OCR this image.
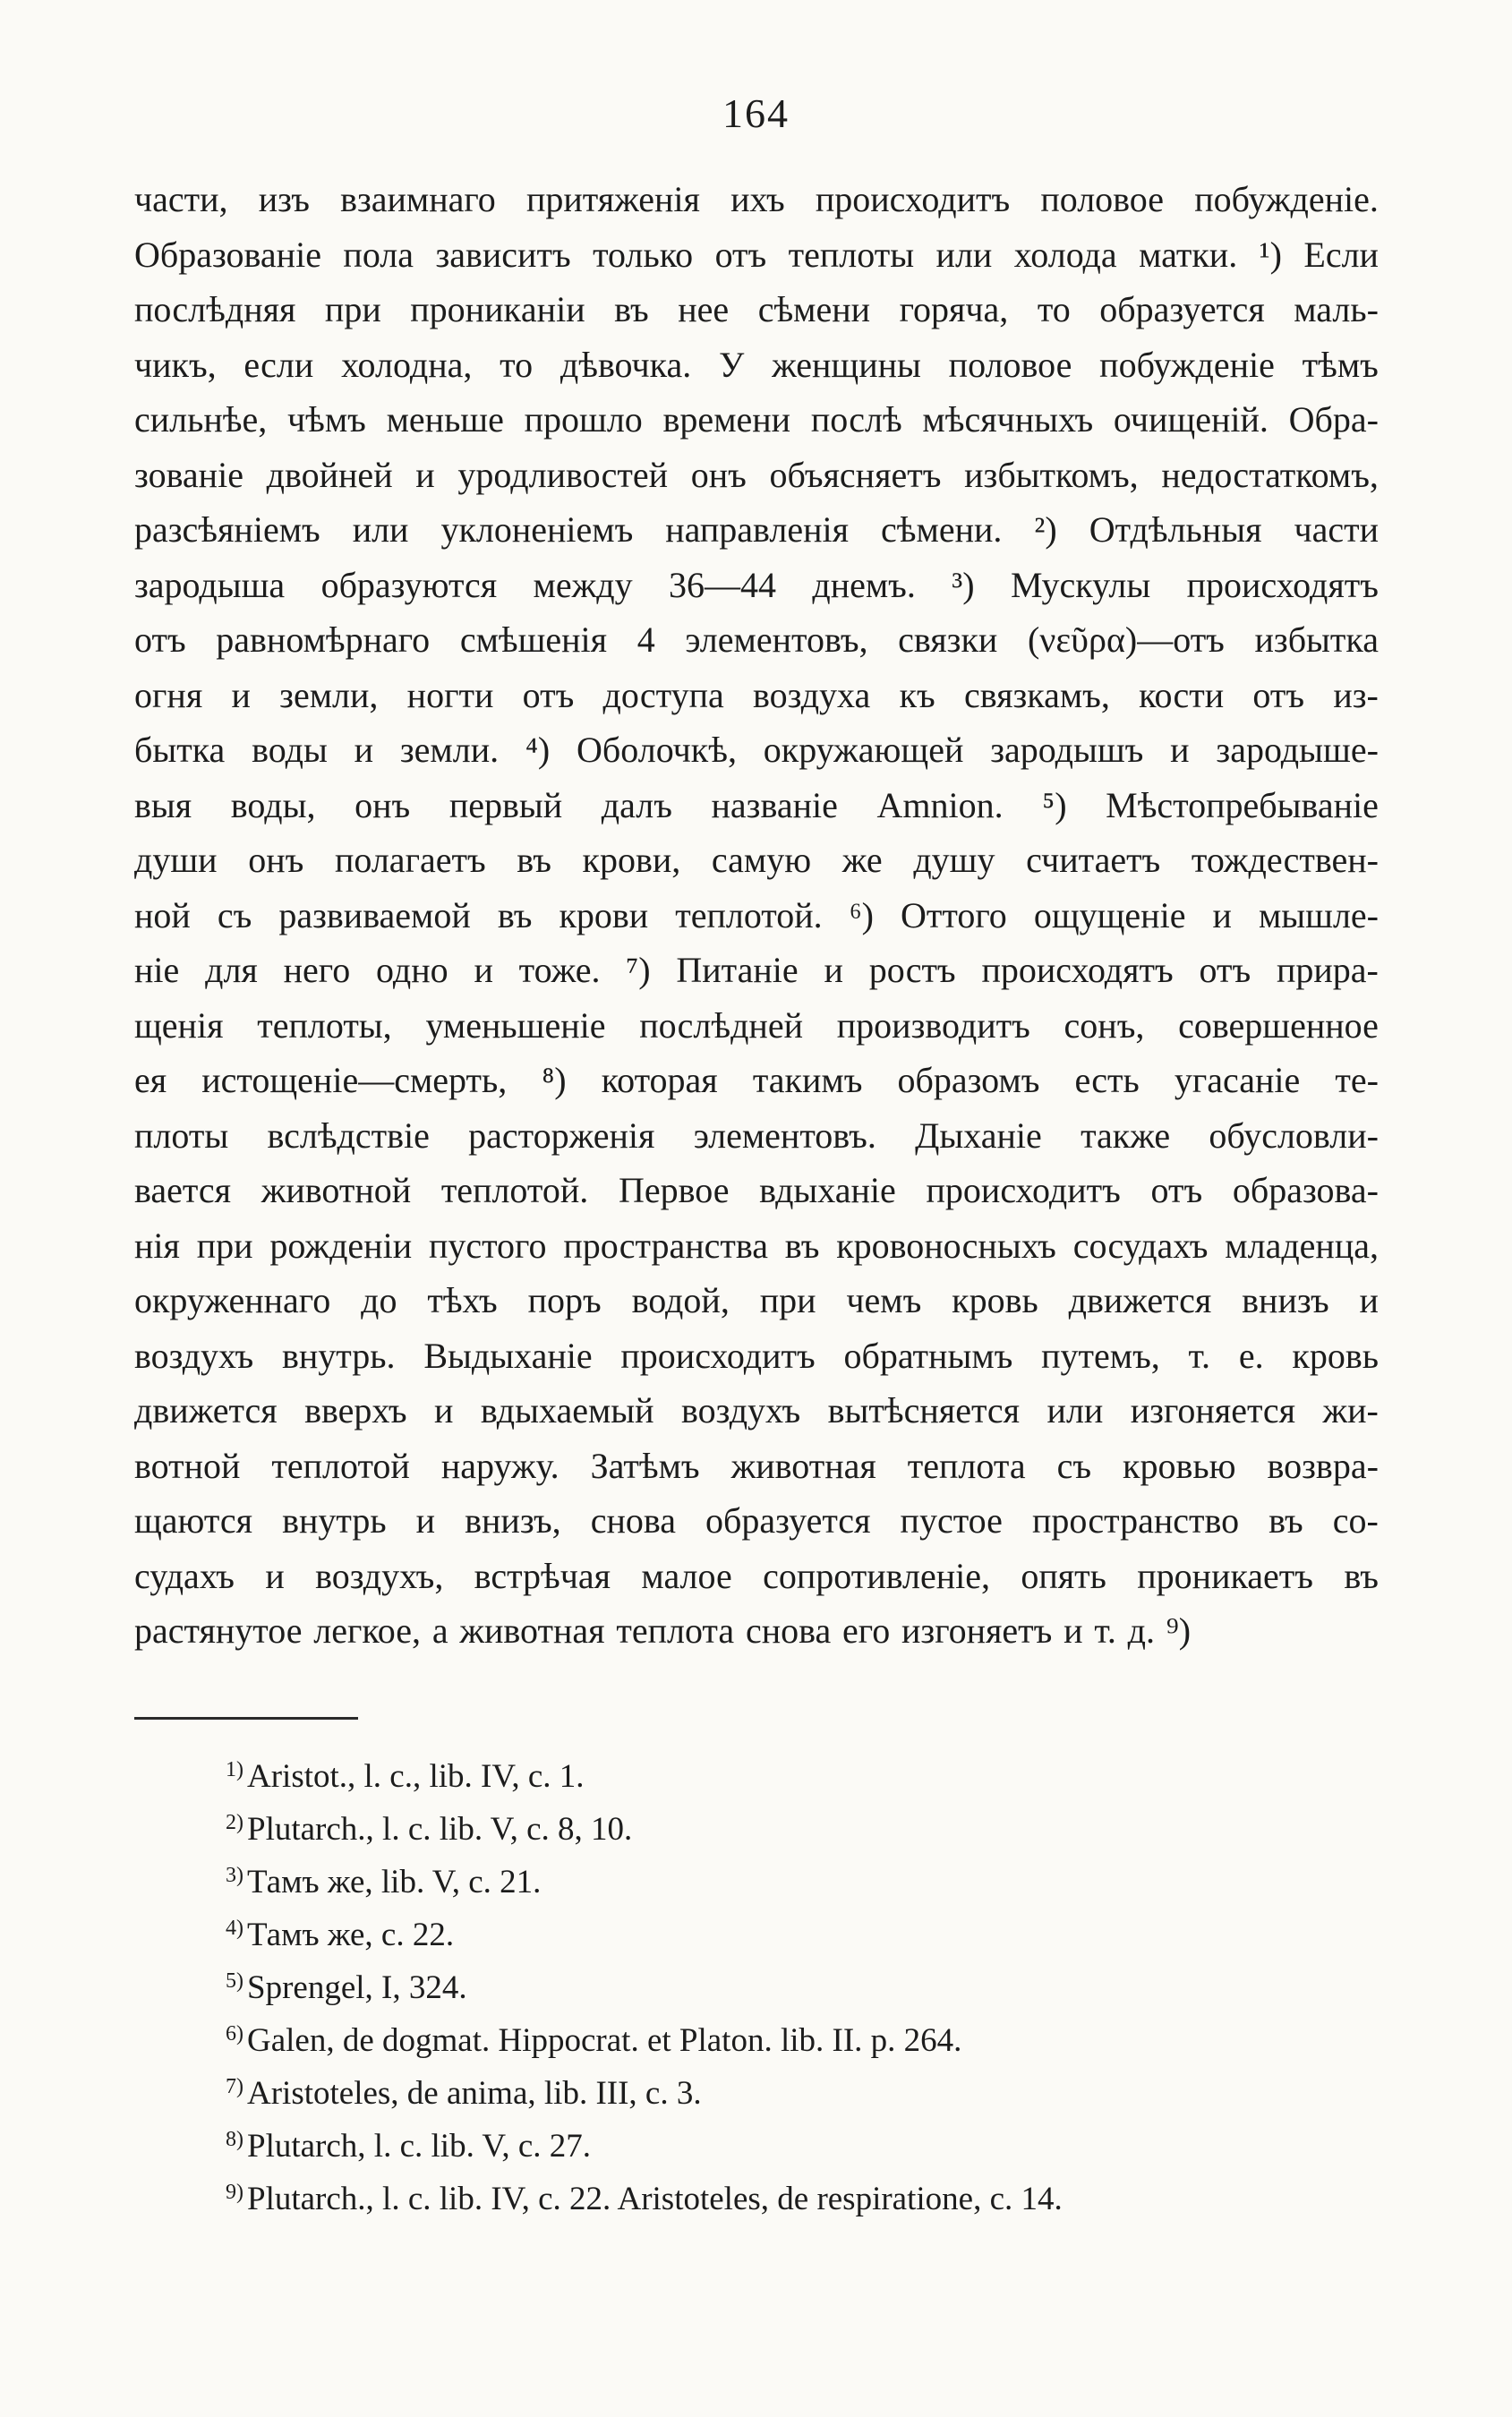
164
части, изъ взаимнаго притяженія ихъ происходитъ половое побужденіе.
Образованіе пола зависитъ только отъ теплоты или холода матки. ¹) Если
послѣдняя при проникaніи въ нее сѣмени горяча, то образуется маль-
чикъ, если холодна, то дѣвочка. У женщины половое побужденіе тѣмъ
сильнѣе, чѣмъ меньше прошло времени послѣ мѣсячныхъ очищеній. Обра-
зованіе двойней и уродливостей онъ объясняетъ избыткомъ, недостаткомъ,
разсѣяніемъ или уклоненіемъ направленія сѣмени. ²) Отдѣльныя части
зародыша образуются между 36—44 днемъ. ³) Мускулы происходятъ
отъ равномѣрнаго смѣшенія 4 элементовъ, связки (νεῦρα)—отъ избытка
огня и земли, ногти отъ доступа воздуха къ связкамъ, кости отъ из-
бытка воды и земли. ⁴) Оболочкѣ, окружающей зародышъ и зародыше-
выя воды, онъ первый далъ названіе Amnion. ⁵) Мѣстопребываніе
души онъ полагаетъ въ крови, самую же душу считаетъ тождествен-
ной съ развиваемой въ крови теплотой. ⁶) Оттого ощущеніе и мышле-
ніе для него одно и тоже. ⁷) Питаніе и ростъ происходятъ отъ прира-
щенія теплоты, уменьшеніе послѣдней производитъ сонъ, совершенное
ея истощеніе—смерть, ⁸) которая такимъ образомъ есть угасаніе те-
плоты вслѣдствіе расторженія элементовъ. Дыханіе также обусловли-
вается животной теплотой. Первое вдыханіе происходитъ отъ образова-
нія при рожденіи пустого пространства въ кровоносныхъ сосудахъ младенца,
окруженнаго до тѣхъ поръ водой, при чемъ кровь движется внизъ и
воздухъ внутрь. Выдыханіе происходитъ обратнымъ путемъ, т. е. кровь
движется вверхъ и вдыхаемый воздухъ вытѣсняется или изгоняется жи-
вотной теплотой наружу. Затѣмъ животная теплота съ кровью возвра-
щаются внутрь и внизъ, снова образуется пустое пространство въ со-
судахъ и воздухъ, встрѣчая малое сопротивленіе, опять проникаетъ въ
растянутое легкое, а животная теплота снова его изгоняетъ и т. д. ⁹)
$^{1)}$ Aristot., l. c., lib. IV, c. 1.
$^{2)}$ Plutarch., l. c. lib. V, c. 8, 10.
$^{3)}$ Тамъ же, lib. V, c. 21.
$^{4)}$ Тамъ же, c. 22.
$^{5)}$ Sprengel, I, 324.
$^{6)}$ Galen, de dogmat. Hippocrat. et Platon. lib. II. p. 264.
$^{7)}$ Aristoteles, de anima, lib. III, c. 3.
$^{8)}$ Plutarch, l. c. lib. V, c. 27.
$^{9)}$ Plutarch., l. c. lib. IV, c. 22. Aristoteles, de respiratione, c. 14.
